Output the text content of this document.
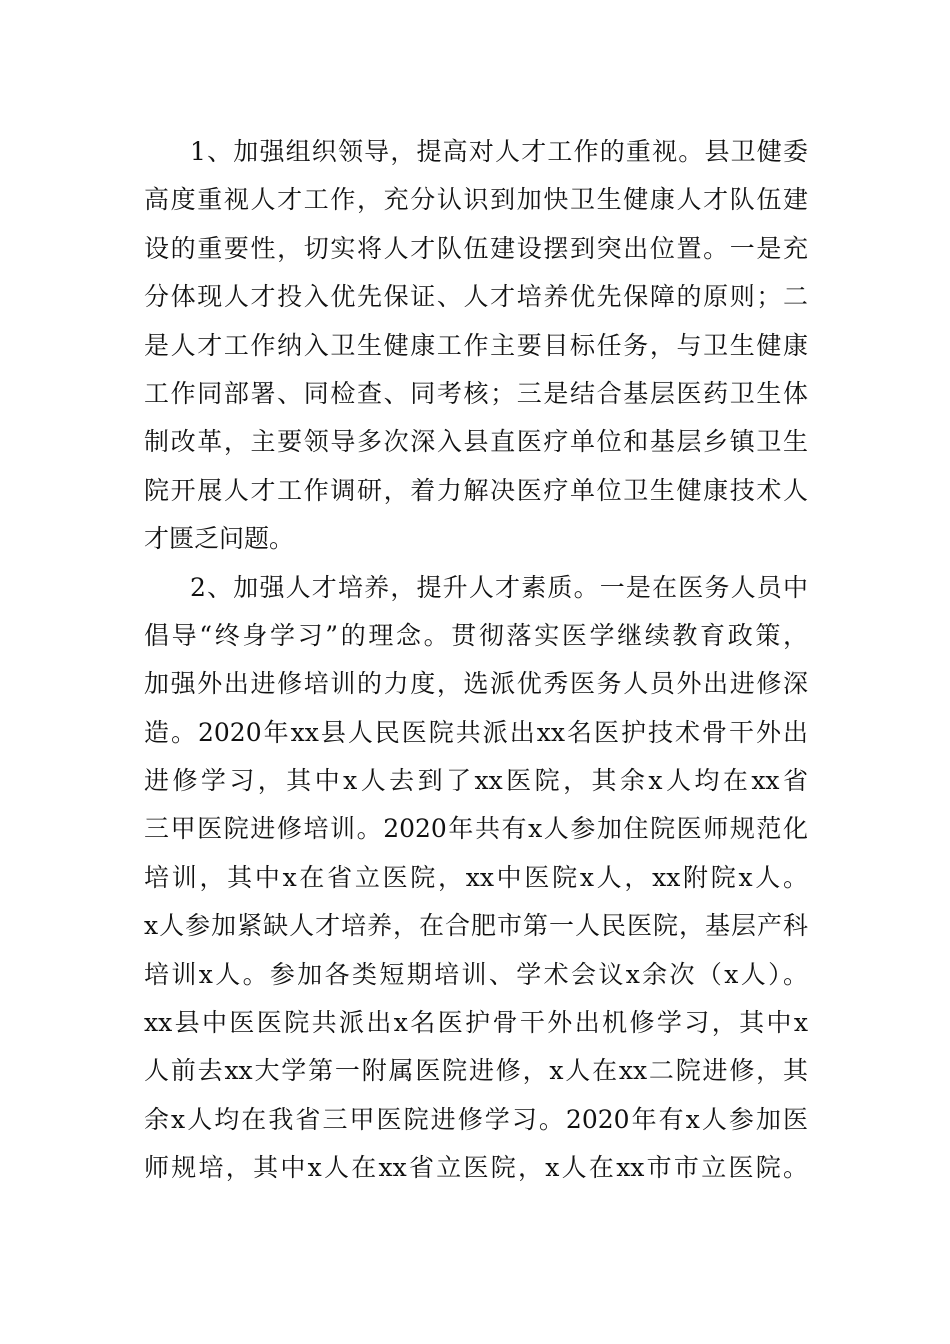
1、加强组织领导，提高对人才工作的重视。县卫健委
高度重视人才工作，充分认识到加快卫生健康人才队伍建
设的重要性，切实将人才队伍建设摆到突出位置。一是充
分体现人才投入优先保证、人才培养优先保障的原则；二
是人才工作纳入卫生健康工作主要目标任务，与卫生健康
工作同部署、同检查、同考核；三是结合基层医药卫生体
制改革，主要领导多次深入县直医疗单位和基层乡镇卫生
院开展人才工作调研，着力解决医疗单位卫生健康技术人
才匮乏问题。
2、加强人才培养，提升人才素质。一是在医务人员中
倡导“终身学习”的理念。贯彻落实医学继续教育政策，
加强外出进修培训的力度，选派优秀医务人员外出进修深
造。2020年xx县人民医院共派出xx名医护技术骨干外出
进修学习，其中x人去到了xx医院，其余x人均在xx省
三甲医院进修培训。2020年共有x人参加住院医师规范化
培训，其中x在省立医院，xx中医院x人，xx附院x人。
x人参加紧缺人才培养，在合肥市第一人民医院，基层产科
培训x人。参加各类短期培训、学术会议x余次（x人）。
xx县中医医院共派出x名医护骨干外出机修学习，其中x
人前去xx大学第一附属医院进修，x人在xx二院进修，其
余x人均在我省三甲医院进修学习。2020年有x人参加医
师规培，其中x人在xx省立医院，x人在xx市市立医院。
